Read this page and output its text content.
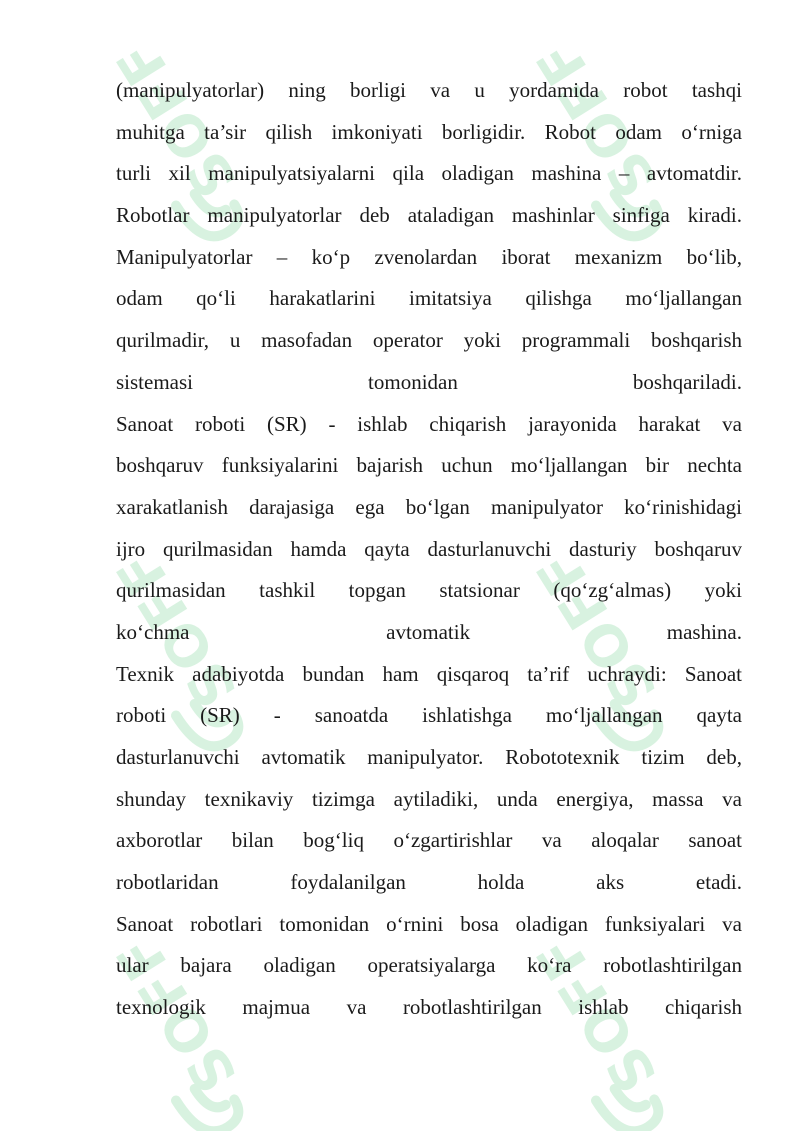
SOFF	SOFF
SOFF	SOFF
SOFF	SOFF
(manipulyatorlar) ning borligi va u yordamida robot tashqi
muhitga ta’sir qilish imkoniyati borligidir. Robot odam o‘rniga
turli xil manipulyatsiyalarni qila oladigan mashina – avtomatdir.
Robotlar manipulyatorlar deb ataladigan mashinlar sinfiga kiradi.
Manipulyatorlar – ko‘p zvenolardan iborat mexanizm bo‘lib,
odam qo‘li harakatlarini imitatsiya qilishga mo‘ljallangan
qurilmadir, u masofadan operator yoki programmali boshqarish
sistemasi tomonidan boshqariladi.
Sanoat roboti (SR) - ishlab chiqarish jarayonida harakat va
boshqaruv funksiyalarini bajarish uchun mo‘ljallangan bir nechta
xarakatlanish darajasiga ega bo‘lgan manipulyator ko‘rinishidagi
ijro qurilmasidan hamda qayta dasturlanuvchi dasturiy boshqaruv
qurilmasidan tashkil topgan statsionar (qo‘zg‘almas) yoki
ko‘chma avtomatik mashina.
Texnik adabiyotda bundan ham qisqaroq ta’rif uchraydi: Sanoat
roboti (SR) - sanoatda ishlatishga mo‘ljallangan qayta
dasturlanuvchi avtomatik manipulyator. Robototexnik tizim deb,
shunday texnikaviy tizimga aytiladiki, unda energiya, massa va
axborotlar bilan bog‘liq o‘zgartirishlar va aloqalar sanoat
robotlaridan foydalanilgan holda aks etadi.
Sanoat robotlari tomonidan o‘rnini bosa oladigan funksiyalari va
ular bajara oladigan operatsiyalarga ko‘ra robotlashtirilgan
texnologik majmua va robotlashtirilgan ishlab chiqarish
